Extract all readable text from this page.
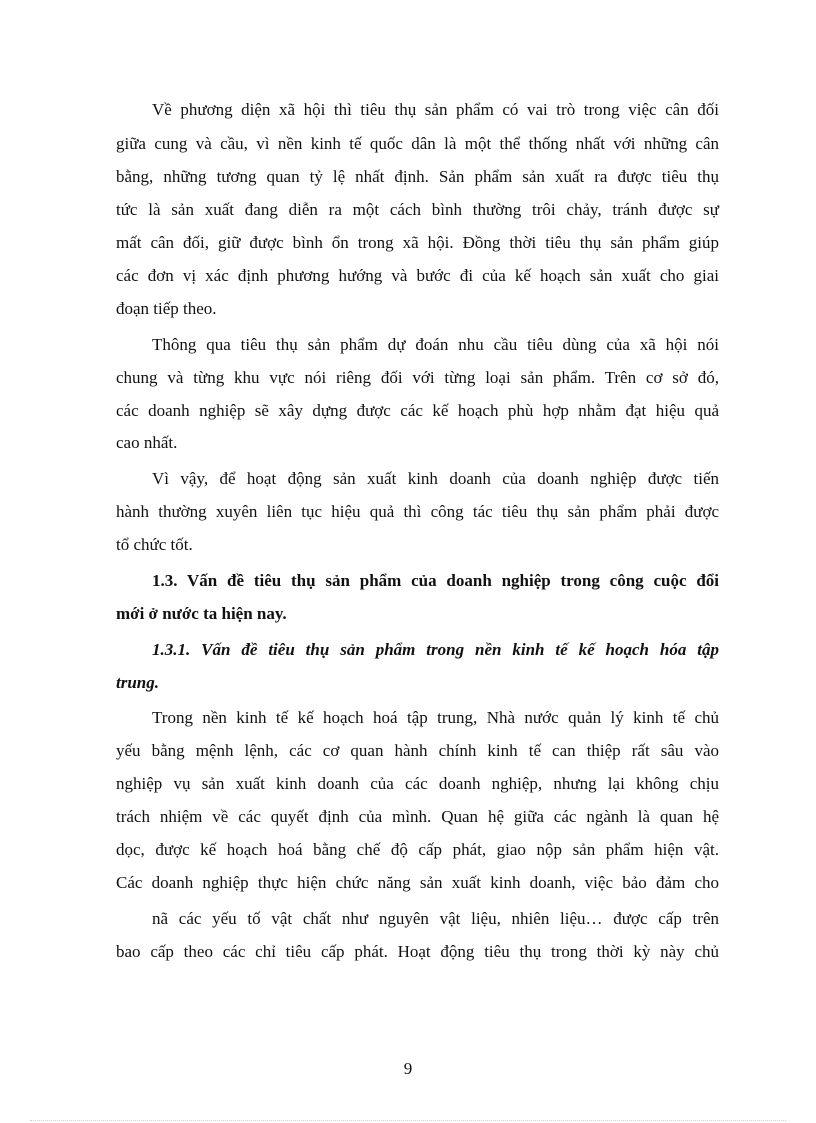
Về phương diện xã hội thì tiêu thụ sản phẩm có vai trò trong việc cân đối
giữa cung và cầu, vì nền kinh tế quốc dân là một thể thống nhất với những cân
bằng, những tương quan tỷ lệ nhất định. Sản phẩm sản xuất ra được tiêu thụ
tức là sản xuất đang diễn ra một cách bình thường trôi chảy, tránh được sự
mất cân đối, giữ được bình ổn trong xã hội. Đồng thời tiêu thụ sản phẩm giúp
các đơn vị xác định phương hướng và bước đi của kế hoạch sản xuất cho giai
đoạn tiếp theo.
Thông qua tiêu thụ sản phẩm dự đoán nhu cầu tiêu dùng của xã hội nói
chung và từng khu vực nói riêng đối với từng loại sản phẩm. Trên cơ sở đó,
các doanh nghiệp sẽ xây dựng được các kế hoạch phù hợp nhằm đạt hiệu quả
cao nhất.
Vì vậy, để hoạt động sản xuất kinh doanh của doanh nghiệp được tiến
hành thường xuyên liên tục hiệu quả thì công tác tiêu thụ sản phẩm phải được
tổ chức tốt.
1.3. Vấn đề tiêu thụ sản phẩm của doanh nghiệp trong công cuộc đổi
mới ở nước ta hiện nay.
1.3.1. Vấn đề tiêu thụ sản phẩm trong nền kinh tế kế hoạch hóa tập
trung.
Trong nền kinh tế kế hoạch hoá tập trung, Nhà nước quản lý kinh tế chủ
yếu bằng mệnh lệnh, các cơ quan hành chính kinh tế can thiệp rất sâu vào
nghiệp vụ sản xuất kinh doanh của các doanh nghiệp, nhưng lại không chịu
trách nhiệm về các quyết định của mình. Quan hệ giữa các ngành là quan hệ
dọc, được kế hoạch hoá bằng chế độ cấp phát, giao nộp sản phẩm hiện vật.
Các doanh nghiệp thực hiện chức năng sản xuất kinh doanh, việc bảo đảm cho
nã các yếu tố vật chất như nguyên vật liệu, nhiên liệu… được cấp trên
bao cấp theo các chỉ tiêu cấp phát. Hoạt động tiêu thụ trong thời kỳ này chủ
9
